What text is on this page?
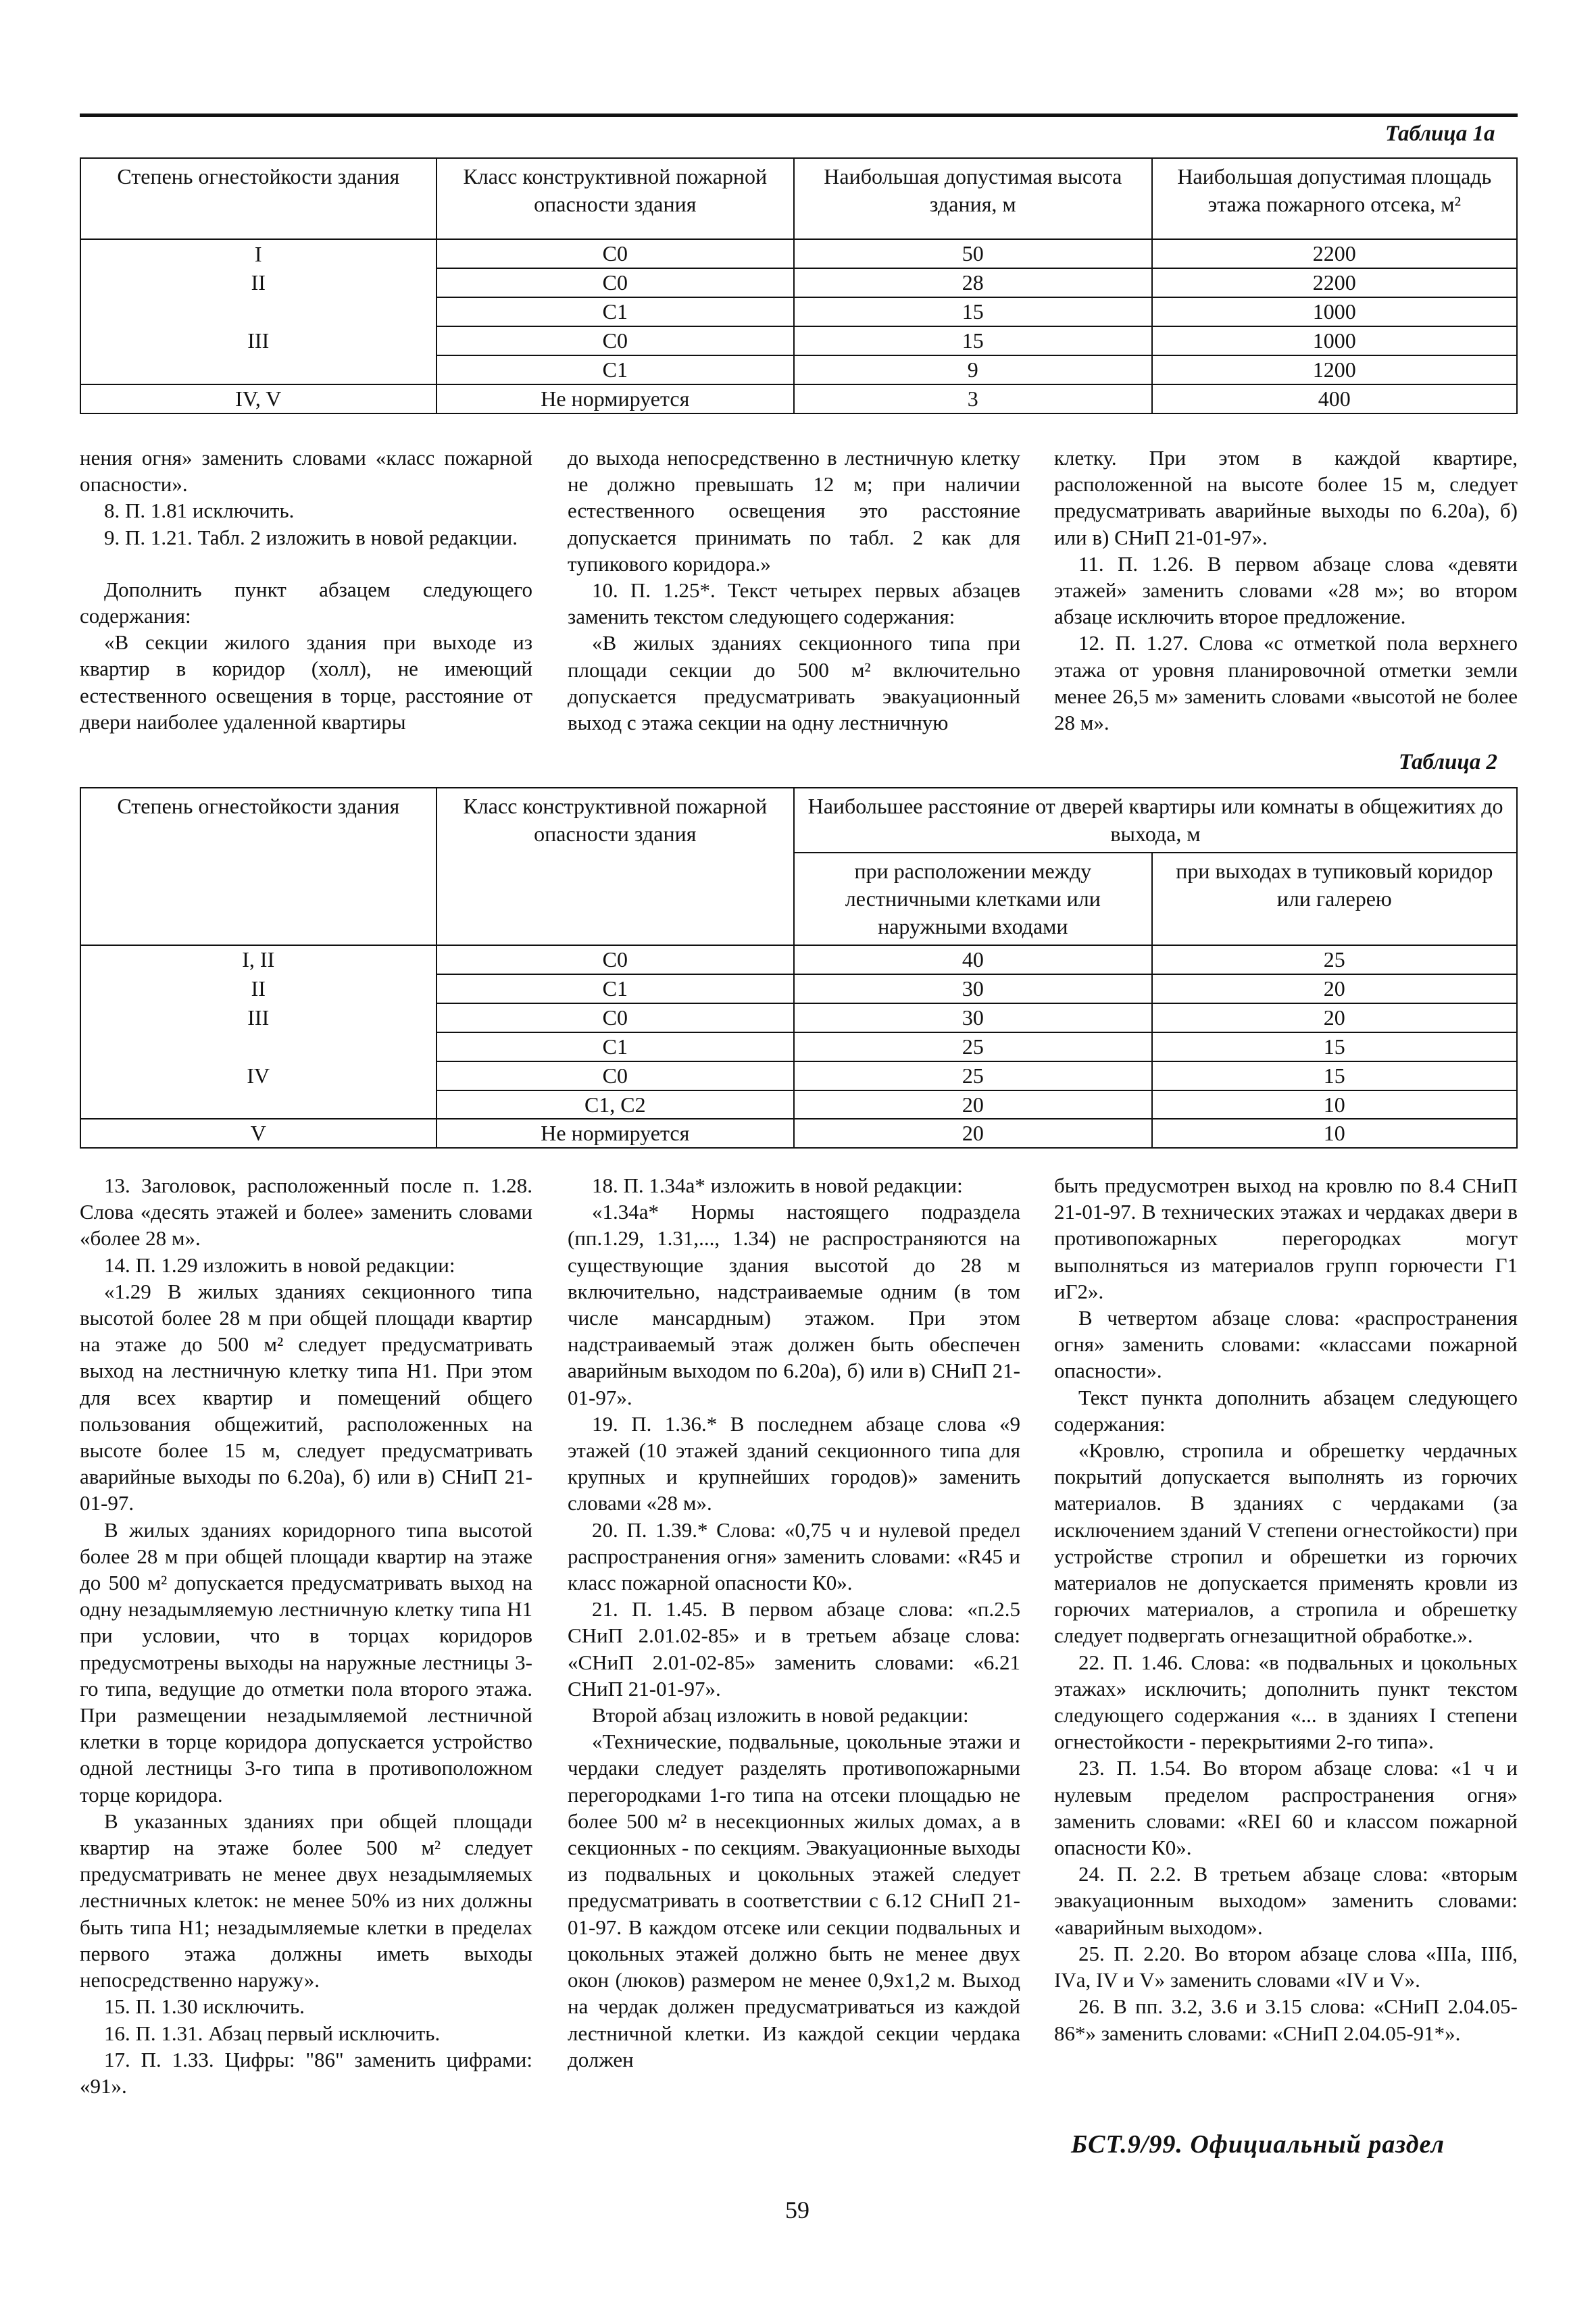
Таблица 1а
Степень огнестойкости здания	Класс конструктивной пожарной опасности здания	Наибольшая допустимая высота здания, м	Наибольшая допустимая площадь этажа пожарного отсека, м²
I	С0	50	2200
II	С0	28	2200
	С1	15	1000
III	С0	15	1000
	С1	9	1200
IV, V	Не нормируется	3	400

нения огня» заменить словами «класс пожарной опасности».

8. П. 1.81 исключить.

9. П. 1.21. Табл. 2 изложить в новой редакции.

Дополнить пункт абзацем следующего содержания:

«В секции жилого здания при выходе из квартир в коридор (холл), не имеющий естественного освещения в торце, расстояние от двери наиболее удаленной квартиры

до выхода непосредственно в лестничную клетку не должно превышать 12 м; при наличии естественного освещения это расстояние допускается принимать по табл. 2 как для тупикового коридора.»

10. П. 1.25*. Текст четырех первых абзацев заменить текстом следующего содержания:

«В жилых зданиях секционного типа при площади секции до 500 м² включительно допускается предусматривать эвакуационный выход с этажа секции на одну лестничную

клетку. При этом в каждой квартире, расположенной на высоте более 15 м, следует предусматривать аварийные выходы по 6.20а), б) или в) СНиП 21-01-97».

11. П. 1.26. В первом абзаце слова «девяти этажей» заменить словами «28 м»; во втором абзаце исключить второе предложение.

12. П. 1.27. Слова «с отметкой пола верхнего этажа от уровня планировочной отметки земли менее 26,5 м» заменить словами «высотой не более 28 м».

Таблица 2
Степень огнестойкости здания	Класс конструктивной пожарной опасности здания	Наибольшее расстояние от дверей квартиры или комнаты в общежитиях до выхода, м	
		при расположении между лестничными клетками или наружными входами	при выходах в тупиковый коридор или галерею
I, II	С0	40	25
II	С1	30	20
III	С0	30	20
	С1	25	15
IV	С0	25	15
	С1, С2	20	10
V	Не нормируется	20	10

13. Заголовок, расположенный после п. 1.28. Слова «десять этажей и более» заменить словами «более 28 м».

14. П. 1.29 изложить в новой редакции:

«1.29 В жилых зданиях секционного типа высотой более 28 м при общей площади квартир на этаже до 500 м² следует предусматривать выход на лестничную клетку типа Н1. При этом для всех квартир и помещений общего пользования общежитий, расположенных на высоте более 15 м, следует предусматривать аварийные выходы по 6.20а), б) или в) СНиП 21-01-97.

В жилых зданиях коридорного типа высотой более 28 м при общей площади квартир на этаже до 500 м² допускается предусматривать выход на одну незадымляемую лестничную клетку типа Н1 при условии, что в торцах коридоров предусмотрены выходы на наружные лестницы 3-го типа, ведущие до отметки пола второго этажа. При размещении незадымляемой лестничной клетки в торце коридора допускается устройство одной лестницы 3-го типа в противоположном торце коридора.

В указанных зданиях при общей площади квартир на этаже более 500 м² следует предусматривать не менее двух незадымляемых лестничных клеток: не менее 50% из них должны быть типа Н1; незадымляемые клетки в пределах первого этажа должны иметь выходы непосредственно наружу».

15. П. 1.30 исключить.

16. П. 1.31. Абзац первый исключить.

17. П. 1.33. Цифры: "86" заменить цифрами: «91».

18. П. 1.34а* изложить в новой редакции:

«1.34а* Нормы настоящего подраздела (пп.1.29, 1.31,..., 1.34) не распространяются на существующие здания высотой до 28 м включительно, надстраиваемые одним (в том числе мансардным) этажом. При этом надстраиваемый этаж должен быть обеспечен аварийным выходом по 6.20а), б) или в) СНиП 21-01-97».

19. П. 1.36.* В последнем абзаце слова «9 этажей (10 этажей зданий секционного типа для крупных и крупнейших городов)» заменить словами «28 м».

20. П. 1.39.* Слова: «0,75 ч и нулевой предел распространения огня» заменить словами: «R45 и класс пожарной опасности К0».

21. П. 1.45. В первом абзаце слова: «п.2.5 СНиП 2.01.02-85» и в третьем абзаце слова: «СНиП 2.01-02-85» заменить словами: «6.21 СНиП 21-01-97».

Второй абзац изложить в новой редакции:

«Технические, подвальные, цокольные этажи и чердаки следует разделять противопожарными перегородками 1-го типа на отсеки площадью не более 500 м² в несекционных жилых домах, а в секционных - по секциям. Эвакуационные выходы из подвальных и цокольных этажей следует предусматривать в соответствии с 6.12 СНиП 21-01-97. В каждом отсеке или секции подвальных и цокольных этажей должно быть не менее двух окон (люков) размером не менее 0,9х1,2 м. Выход на чердак должен предусматриваться из каждой лестничной клетки. Из каждой секции чердака должен

быть предусмотрен выход на кровлю по 8.4 СНиП 21-01-97. В технических этажах и чердаках двери в противопожарных перегородках могут выполняться из материалов групп горючести Г1 иГ2».

В четвертом абзаце слова: «распространения огня» заменить словами: «классами пожарной опасности».

Текст пункта дополнить абзацем следующего содержания:

«Кровлю, стропила и обрешетку чердачных покрытий допускается выполнять из горючих материалов. В зданиях с чердаками (за исключением зданий V степени огнестойкости) при устройстве стропил и обрешетки из горючих материалов не допускается применять кровли из горючих материалов, а стропила и обрешетку следует подвергать огнезащитной обработке.».

22. П. 1.46. Слова: «в подвальных и цокольных этажах» исключить; дополнить пункт текстом следующего содержания «... в зданиях I степени огнестойкости - перекрытиями 2-го типа».

23. П. 1.54. Во втором абзаце слова: «1 ч и нулевым пределом распространения огня» заменить словами: «REI 60 и классом пожарной опасности К0».

24. П. 2.2. В третьем абзаце слова: «вторым эвакуационным выходом» заменить словами: «аварийным выходом».

25. П. 2.20. Во втором абзаце слова «IIIа, IIIб, IVа, IV и V» заменить словами «IV и V».

26. В пп. 3.2, 3.6 и 3.15 слова: «СНиП 2.04.05-86*» заменить словами: «СНиП 2.04.05-91*».

БСТ.9/99. Официальный раздел
59
